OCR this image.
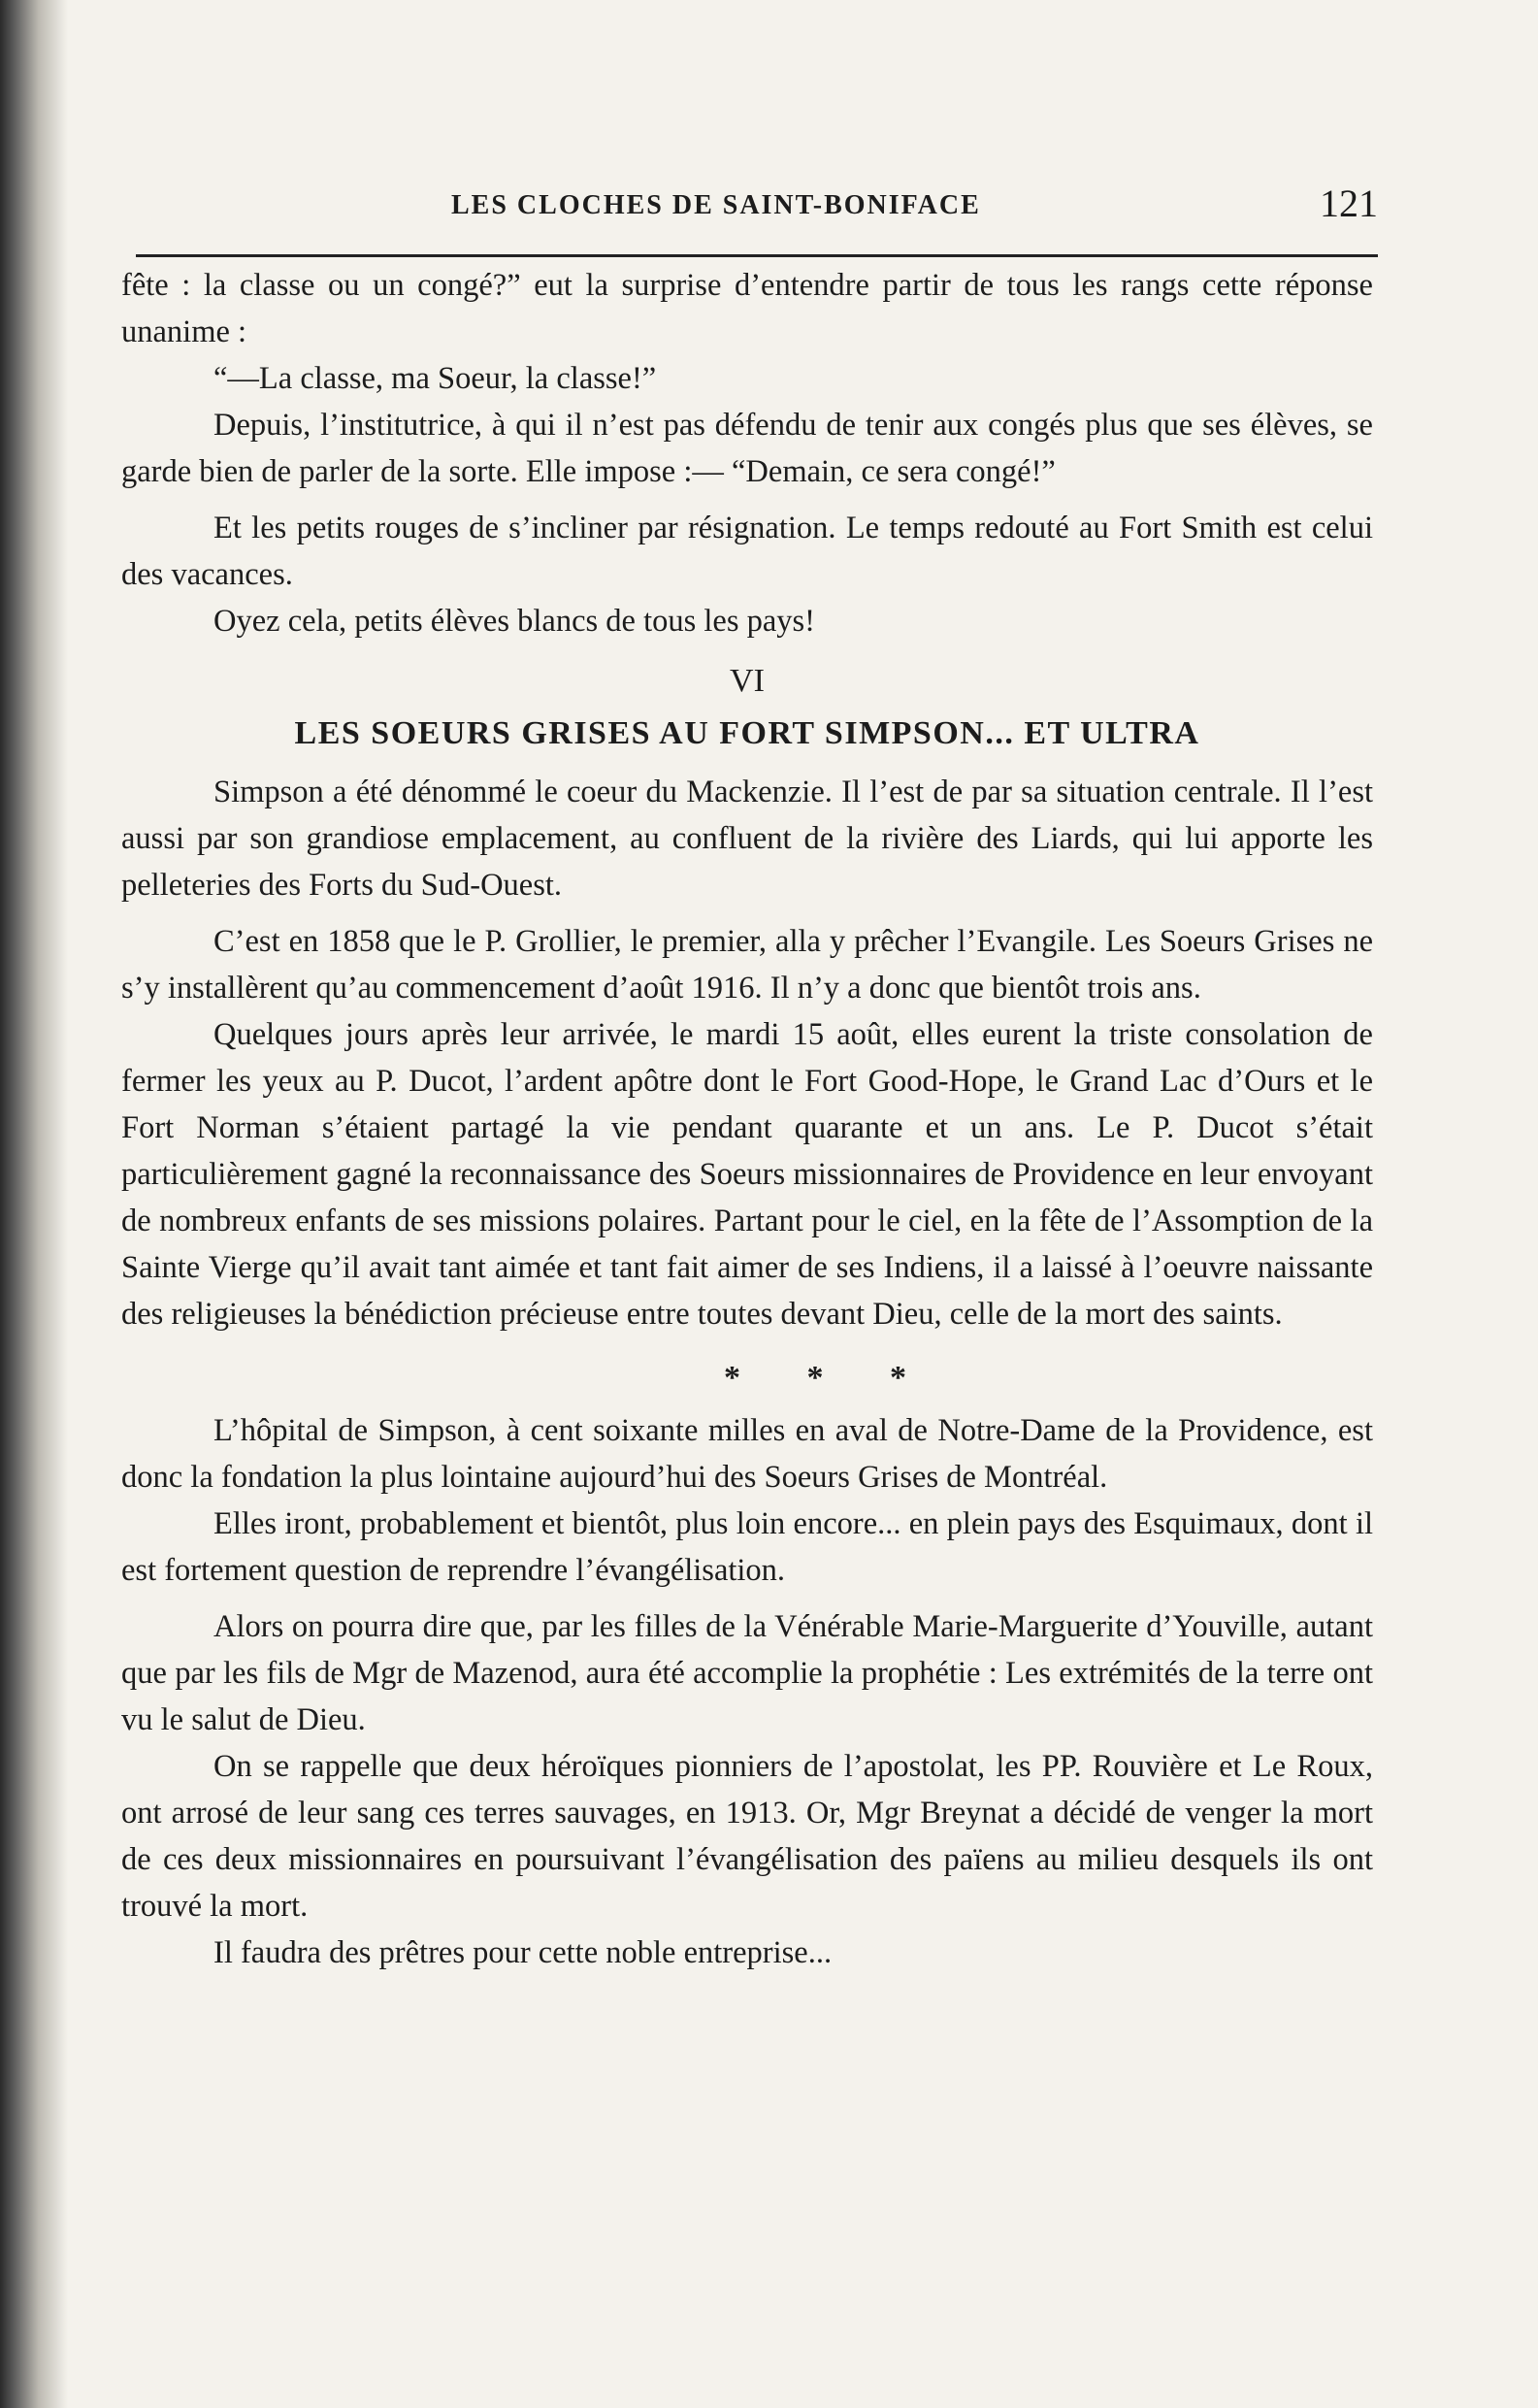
LES CLOCHES DE SAINT-BONIFACE	121

fête : la classe ou un congé?” eut la surprise d’entendre partir de tous les rangs cette réponse unanime :

“—La classe, ma Soeur, la classe!”

Depuis, l’institutrice, à qui il n’est pas défendu de tenir aux congés plus que ses élèves, se garde bien de parler de la sorte. Elle impose :— “Demain, ce sera congé!”

Et les petits rouges de s’incliner par résignation. Le temps redouté au Fort Smith est celui des vacances.

Oyez cela, petits élèves blancs de tous les pays!

VI
LES SOEURS GRISES AU FORT SIMPSON... ET ULTRA

Simpson a été dénommé le coeur du Mackenzie. Il l’est de par sa situation centrale. Il l’est aussi par son grandiose emplacement, au confluent de la rivière des Liards, qui lui apporte les pelleteries des Forts du Sud-Ouest.

C’est en 1858 que le P. Grollier, le premier, alla y prêcher l’Evangile. Les Soeurs Grises ne s’y installèrent qu’au commencement d’août 1916. Il n’y a donc que bientôt trois ans.

Quelques jours après leur arrivée, le mardi 15 août, elles eurent la triste consolation de fermer les yeux au P. Ducot, l’ardent apôtre dont le Fort Good-Hope, le Grand Lac d’Ours et le Fort Norman s’étaient partagé la vie pendant quarante et un ans. Le P. Ducot s’était particulièrement gagné la reconnaissance des Soeurs missionnaires de Providence en leur envoyant de nombreux enfants de ses missions polaires. Partant pour le ciel, en la fête de l’Assomption de la Sainte Vierge qu’il avait tant aimée et tant fait aimer de ses Indiens, il a laissé à l’oeuvre naissante des religieuses la bénédiction précieuse entre toutes devant Dieu, celle de la mort des saints.

* * *

L’hôpital de Simpson, à cent soixante milles en aval de Notre-Dame de la Providence, est donc la fondation la plus lointaine aujourd’hui des Soeurs Grises de Montréal.

Elles iront, probablement et bientôt, plus loin encore... en plein pays des Esquimaux, dont il est fortement question de reprendre l’évangélisation.

Alors on pourra dire que, par les filles de la Vénérable Marie-Marguerite d’Youville, autant que par les fils de Mgr de Mazenod, aura été accomplie la prophétie : Les extrémités de la terre ont vu le salut de Dieu.

On se rappelle que deux héroïques pionniers de l’apostolat, les PP. Rouvière et Le Roux, ont arrosé de leur sang ces terres sauvages, en 1913. Or, Mgr Breynat a décidé de venger la mort de ces deux missionnaires en poursuivant l’évangélisation des païens au milieu desquels ils ont trouvé la mort.

Il faudra des prêtres pour cette noble entreprise...
